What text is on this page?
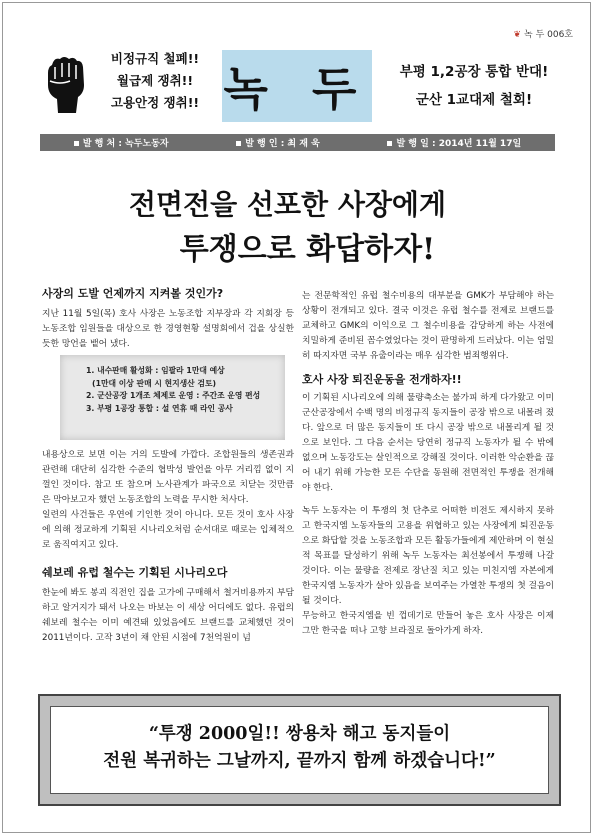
❦ 녹 두 006호
비정규직 철폐!!
월급제 쟁취!!
고용안정 쟁취!! 녹 두	부평 1,2공장 통합 반대!
군산 1교대제 철회!
발 행 처 : 녹두노동자	발 행 인 : 최 재 욱	발 행 일 : 2014년 11월 17일
전면전을 선포한 사장에게
투쟁으로 화답하자!

사장의 도발 언제까지 지켜볼 것인가?

지난 11월 5일(목) 호사 사장은 노동조합 지부장과 각 지회장 등 노동조합 임원들을 대상으로 한 경영현황 설명회에서 겁을 상실한 듯한 망언을 뱉어 냈다.

1. 내수판매 활성화 : 임팔라 1만대 예상
(1만대 이상 판매 시 현지생산 검토)
2. 군산공장 1개조 체제로 운영 : 주간조 운영 편성
3. 부평 1공장 통합 : 설 연휴 때 라인 공사

내용상으로 보면 이는 거의 도발에 가깝다. 조합원들의 생존권과 관련해 대단히 심각한 수준의 협박성 발언을 아무 거리낌 없이 지껄인 것이다. 참고 또 참으며 노사관계가 파국으로 치닫는 것만큼은 막아보고자 했던 노동조합의 노력을 무시한 처사다.

일련의 사건들은 우연에 기인한 것이 아니다. 모든 것이 호사 사장에 의해 정교하게 기획된 시나리오처럼 순서대로 때로는 입체적으로 움직여지고 있다.

쉐보레 유럽 철수는 기획된 시나리오다

한눈에 봐도 봉괴 직전인 집을 고가에 구매해서 철거비용까지 부담하고 알거지가 돼서 나오는 바보는 이 세상 어디에도 없다. 유럽의 쉐보레 철수는 이미 예견돼 있었음에도 브랜드를 교체했던 것이 2011년이다. 고작 3년이 채 안된 시점에 7천억원이 넘

는 전문학적인 유럽 철수비용의 대부분을 GMK가 부담해야 하는 상황이 전개되고 있다. 결국 이것은 유럽 철수를 전제로 브랜드를 교체하고 GMK의 이익으로 그 철수비용을 감당하게 하는 사전에 치밀하게 준비된 꼼수였었다는 것이 판명하게 드러났다. 이는 엄밀히 따지자면 국부 유출이라는 매우 심각한 범죄행위다.

호사 사장 퇴진운동을 전개하자!!

이 기획된 시나리오에 의해 물량축소는 불가피 하게 다가왔고 이미 군산공장에서 수백 명의 비정규직 동지들이 공장 밖으로 내몰려 졌다. 앞으로 더 많은 동지들이 또 다시 공장 밖으로 내몰리게 될 것으로 보인다. 그 다음 순서는 당연히 정규직 노동자가 될 수 밖에 없으며 노동강도는 살인적으로 강해질 것이다. 이러한 악순환을 끊어 내기 위해 가능한 모든 수단을 동원해 전면적인 투쟁을 전개해야 한다.

녹두 노동자는 이 투쟁의 첫 단추로 어떠한 비전도 제시하지 못하고 한국지엠 노동자들의 고용을 위협하고 있는 사장에게 퇴진운동으로 화답할 것을 노동조합과 모든 활동가들에게 제안하며 이 현실적 목표를 달성하기 위해 녹두 노동자는 최선봉에서 투쟁해 나갈 것이다. 이는 물량을 전제로 장난질 치고 있는 미친지엠 자본에게 한국지엠 노동자가 살아 있음을 보여주는 가열찬 투쟁의 첫 걸음이 될 것이다.

무능하고 한국지엠을 빈 껍데기로 만들어 놓은 호사 사장은 이제 그만 한국을 떠나 고향 브라질로 돌아가게 하자.

“투쟁 2000일!! 쌍용차 해고 동지들이
전원 복귀하는 그날까지, 끝까지 함께 하겠습니다!”
